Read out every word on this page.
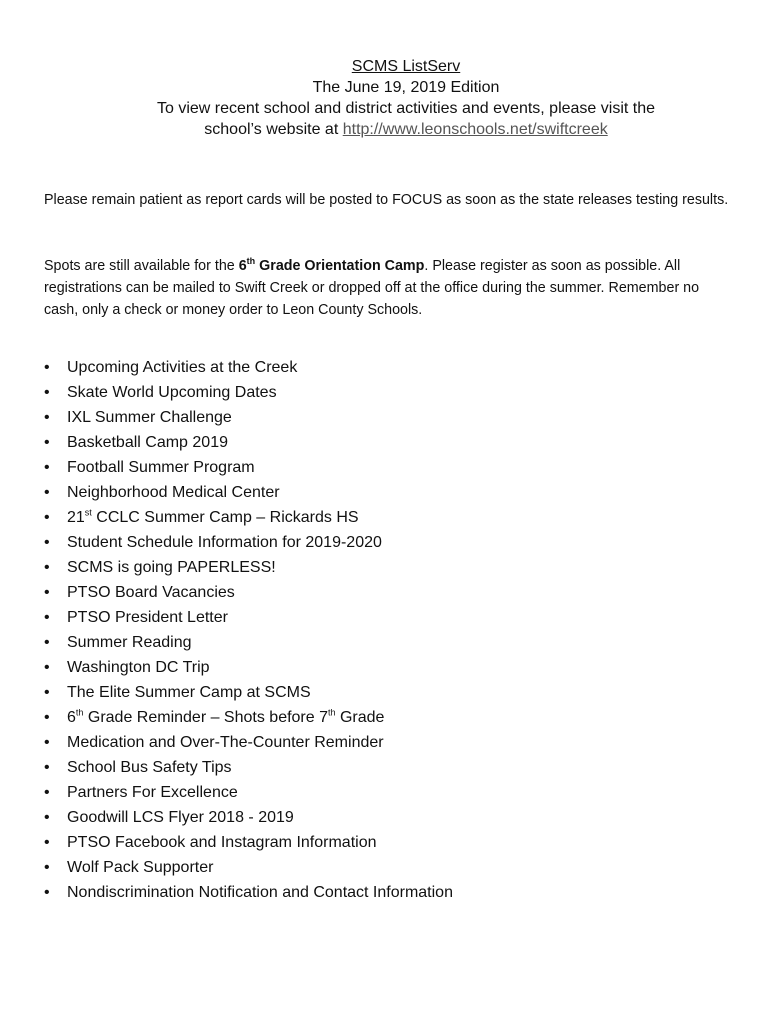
SCMS ListServ
The June 19, 2019 Edition
To view recent school and district activities and events, please visit the
school’s website at http://www.leonschools.net/swiftcreek

Please remain patient as report cards will be posted to FOCUS as soon as the state releases testing results.

Spots are still available for the 6th Grade Orientation Camp. Please register as soon as possible. All registrations can be mailed to Swift Creek or dropped off at the office during the summer. Remember no cash, only a check or money order to Leon County Schools.

• Upcoming Activities at the Creek
• Skate World Upcoming Dates
• IXL Summer Challenge
• Basketball Camp 2019
• Football Summer Program
• Neighborhood Medical Center
• 21st CCLC Summer Camp – Rickards HS
• Student Schedule Information for 2019-2020
• SCMS is going PAPERLESS!
• PTSO Board Vacancies
• PTSO President Letter
• Summer Reading
• Washington DC Trip
• The Elite Summer Camp at SCMS
• 6th Grade Reminder – Shots before 7th Grade
• Medication and Over-The-Counter Reminder
• School Bus Safety Tips
• Partners For Excellence
• Goodwill LCS Flyer 2018 - 2019
• PTSO Facebook and Instagram Information
• Wolf Pack Supporter
• Nondiscrimination Notification and Contact Information
